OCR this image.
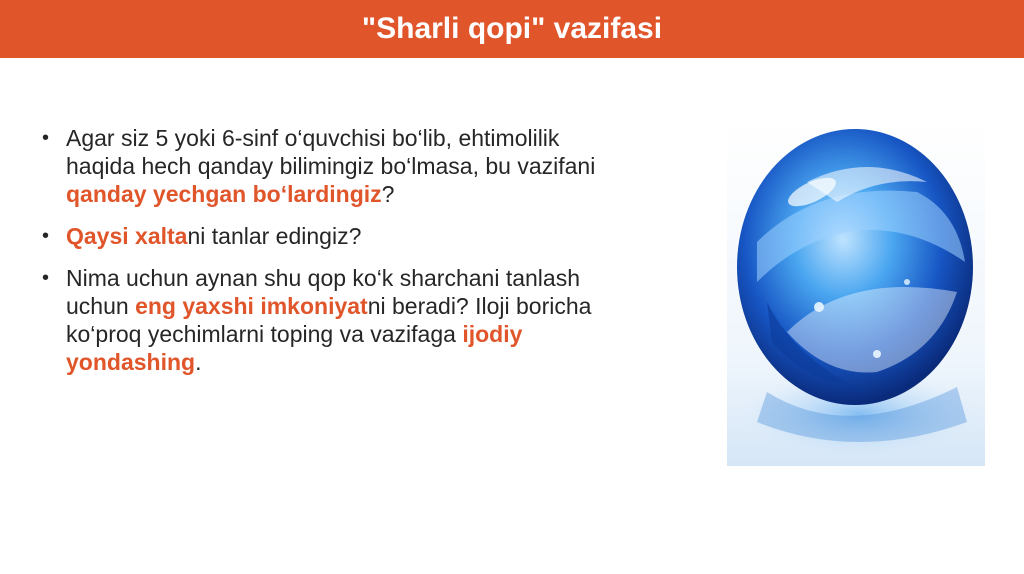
"Sharli qopi" vazifasi
• Agar siz 5 yoki 6-sinf o‘quvchisi bo‘lib, ehtimolilik haqida hech qanday bilimingiz bo‘lmasa, bu vazifani qanday yechgan bo‘lardingiz?
• Qaysi xaltani tanlar edingiz?
• Nima uchun aynan shu qop ko‘k sharchani tanlash uchun eng yaxshi imkoniyatni beradi? Iloji boricha ko‘proq yechimlarni toping va vazifaga ijodiy yondashing.
